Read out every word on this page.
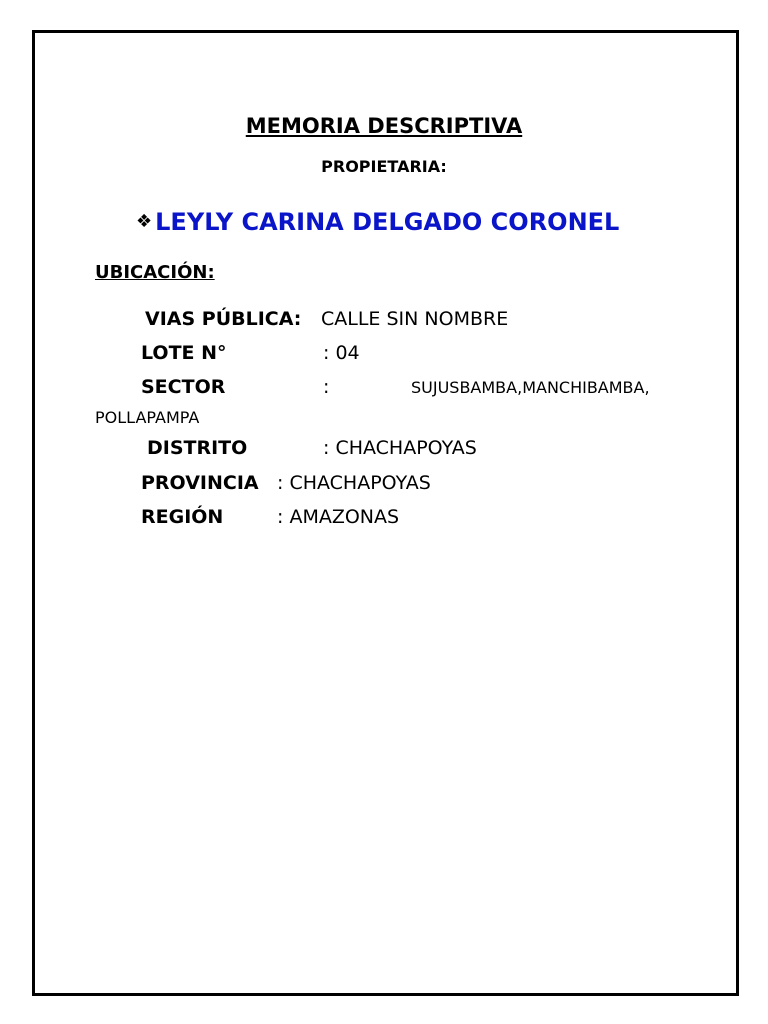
MEMORIA DESCRIPTIVA
PROPIETARIA:
❖ LEYLY CARINA DELGADO CORONEL
UBICACIÓN:
VIAS PÚBLICA: CALLE SIN NOMBRE
LOTE N°	: 04
SECTOR	:	SUJUSBAMBA,MANCHIBAMBA,
POLLAPAMPA
DISTRITO	: CHACHAPOYAS
PROVINCIA : CHACHAPOYAS
REGIÓN	: AMAZONAS
